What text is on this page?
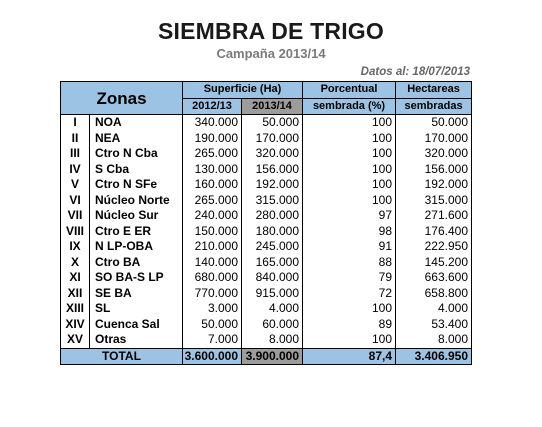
SIEMBRA DE TRIGO
Campaña 2013/14
Datos al: 18/07/2013
Zonas		Superficie (Ha)		Porcentual	Hectareas
		2012/13	2013/14	sembrada (%)	sembradas
I	NOA	340.000	50.000	100	50.000
II	NEA	190.000	170.000	100	170.000
III	Ctro N Cba	265.000	320.000	100	320.000
IV	S Cba	130.000	156.000	100	156.000
V	Ctro N SFe	160.000	192.000	100	192.000
VI	Núcleo Norte	265.000	315.000	100	315.000
VII	Núcleo Sur	240.000	280.000	97	271.600
VIII	Ctro E ER	150.000	180.000	98	176.400
IX	N LP-OBA	210.000	245.000	91	222.950
X	Ctro BA	140.000	165.000	88	145.200
XI	SO BA-S LP	680.000	840.000	79	663.600
XII	SE BA	770.000	915.000	72	658.800
XIII	SL	3.000	4.000	100	4.000
XIV	Cuenca Sal	50.000	60.000	89	53.400
XV	Otras	7.000	8.000	100	8.000
TOTAL		3.600.000	3.900.000	87,4	3.406.950
